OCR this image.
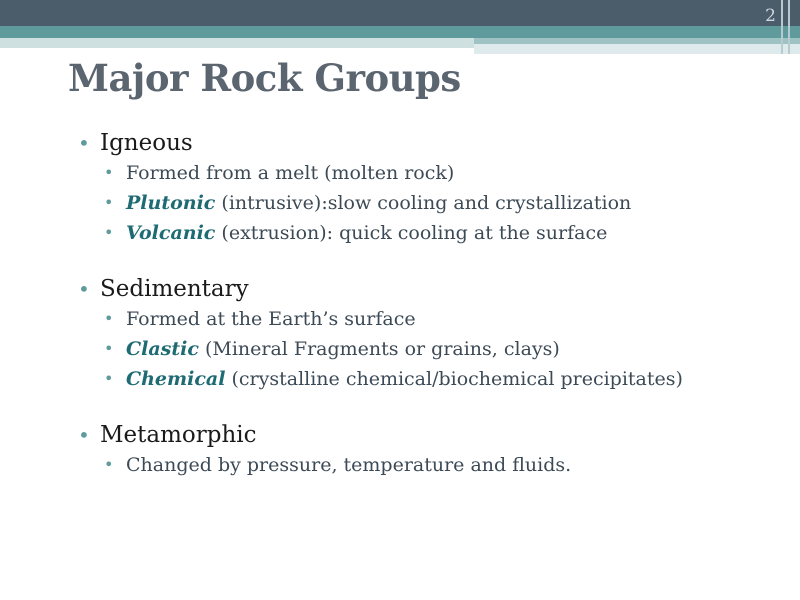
2
Major Rock Groups
• Igneous
• Formed from a melt (molten rock)
• Plutonic (intrusive):slow cooling and crystallization
• Volcanic (extrusion): quick cooling at the surface
• Sedimentary
• Formed at the Earth’s surface
• Clastic (Mineral Fragments or grains, clays)
• Chemical (crystalline chemical/biochemical precipitates)
• Metamorphic
• Changed by pressure, temperature and fluids.
